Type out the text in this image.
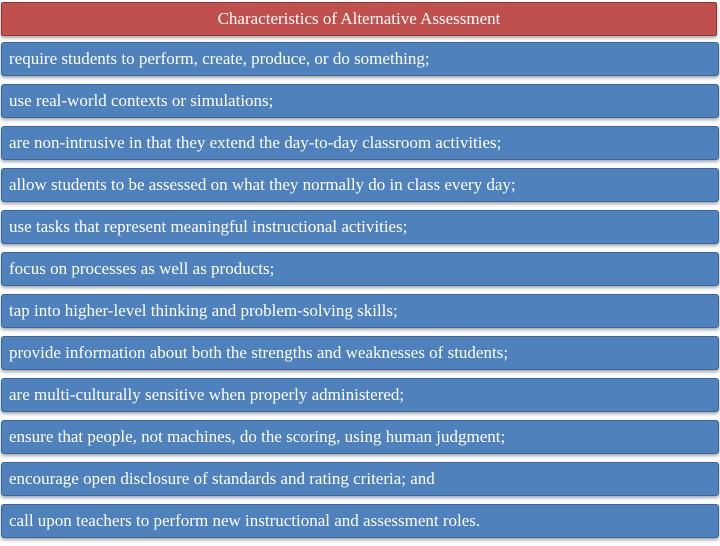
Characteristics of Alternative Assessment
require students to perform, create, produce, or do something;
use real-world contexts or simulations;
are non-intrusive in that they extend the day-to-day classroom activities;
allow students to be assessed on what they normally do in class every day;
use tasks that represent meaningful instructional activities;
focus on processes as well as products;
tap into higher-level thinking and problem-solving skills;
provide information about both the strengths and weaknesses of students;
are multi-culturally sensitive when properly administered;
ensure that people, not machines, do the scoring, using human judgment;
encourage open disclosure of standards and rating criteria; and
call upon teachers to perform new instructional and assessment roles.
